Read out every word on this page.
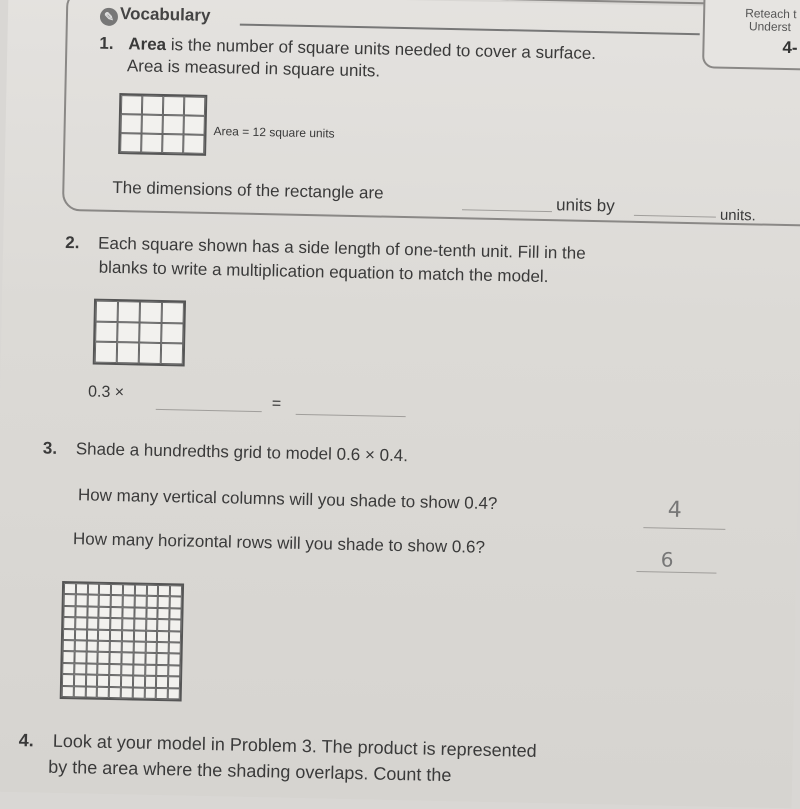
Reteach t
Underst
4-
✎ Vocabulary
1. Area is the number of square units needed to cover a surface.
Area is measured in square units.
Area = 12 square units
The dimensions of the rectangle are
units by
units.
2. Each square shown has a side length of one-tenth unit. Fill in the
blanks to write a multiplication equation to match the model.
0.3 ×
=
3. Shade a hundredths grid to model 0.6 × 0.4.
How many vertical columns will you shade to show 0.4?	4
How many horizontal rows will you shade to show 0.6?
6
4. Look at your model in Problem 3. The product is represented
by the area where the shading overlaps. Count the
